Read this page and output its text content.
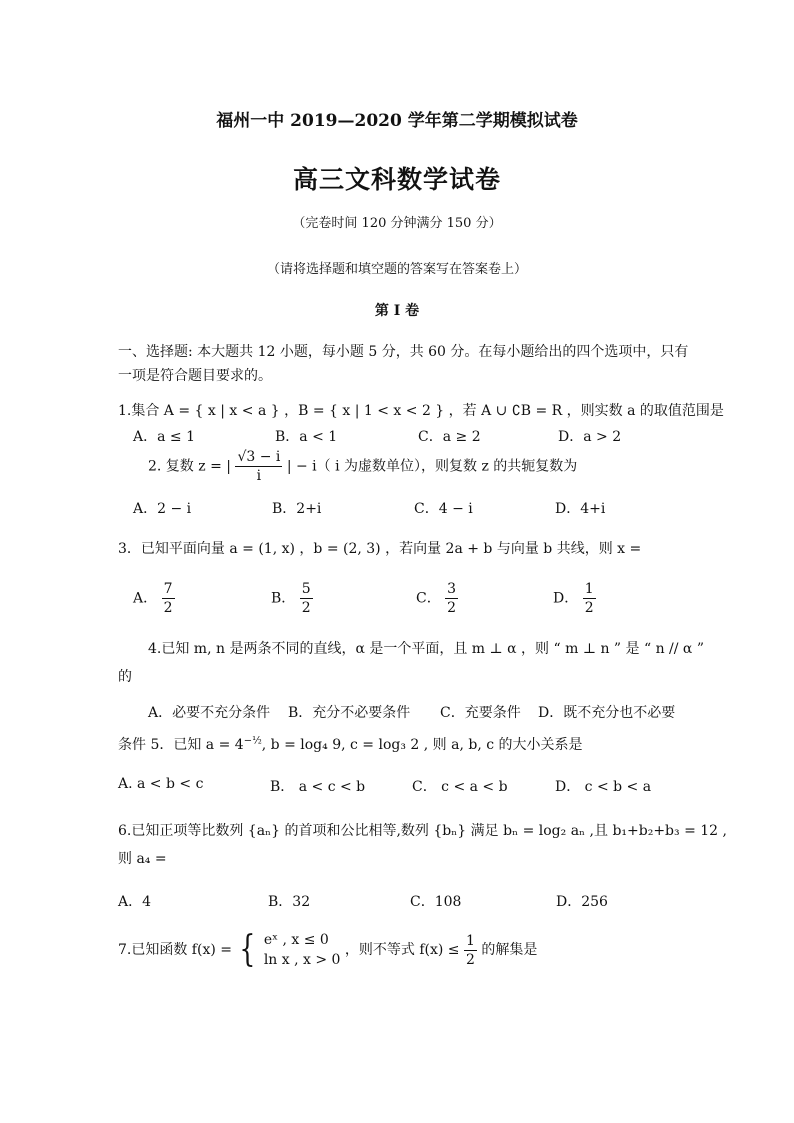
福州一中 2019—2020 学年第二学期模拟试卷
高三文科数学试卷
（完卷时间 120 分钟满分 150 分）
（请将选择题和填空题的答案写在答案卷上）
第 I 卷
一、选择题: 本大题共 12 小题，每小题 5 分，共 60 分。在每小题给出的四个选项中，只有
一项是符合题目要求的。
1.集合 A = { x | x < a } ，B = { x | 1 < x < 2 } ，若 A ∪ ∁B = R ，则实数 a 的取值范围是
A．a ≤ 1	B．a < 1	C．a ≥ 2	D．a > 2
2. 复数 z = | $\frac{√3 - i}{i}$ | − i（ i 为虚数单位），则复数 z 的共轭复数为
A．2 − i	B．2+i	C．4 − i	D．4+i
3．已知平面向量 a = (1, x) ，b = (2, 3) ，若向量 2a + b 与向量 b 共线，则 x =
A． $\frac{7}{2}$	B． $\frac{5}{2}$	C． $\frac{3}{2}$	D． $\frac{1}{2}$
4.已知 m, n 是两条不同的直线，α 是一个平面，且 m ⊥ α ，则 “ m ⊥ n ” 是 “ n // α ”
的
A．必要不充分条件 B．充分不必要条件 C．充要条件 D．既不充分也不必要
条件 5．已知 $a = 4^{-\frac{1}{2}}$, b = log₄ 9, c = log₃ 2 , 则 a, b, c 的大小关系是
A. a < b < c	B． a < c < b	C． c < a < b	D． c < b < a
6.已知正项等比数列 {aₙ} 的首项和公比相等,数列 {bₙ} 满足 bₙ = log₂ aₙ ,且 b₁+b₂+b₃ = 12 ,
则 a₄ =
A．4	B．32	C．108	D．256
7.已知函数 f(x) = { eˣ , x ≤ 0
ln x , x > 0
，则不等式 $f(x) \le \frac{1}{2}$ 的解集是
